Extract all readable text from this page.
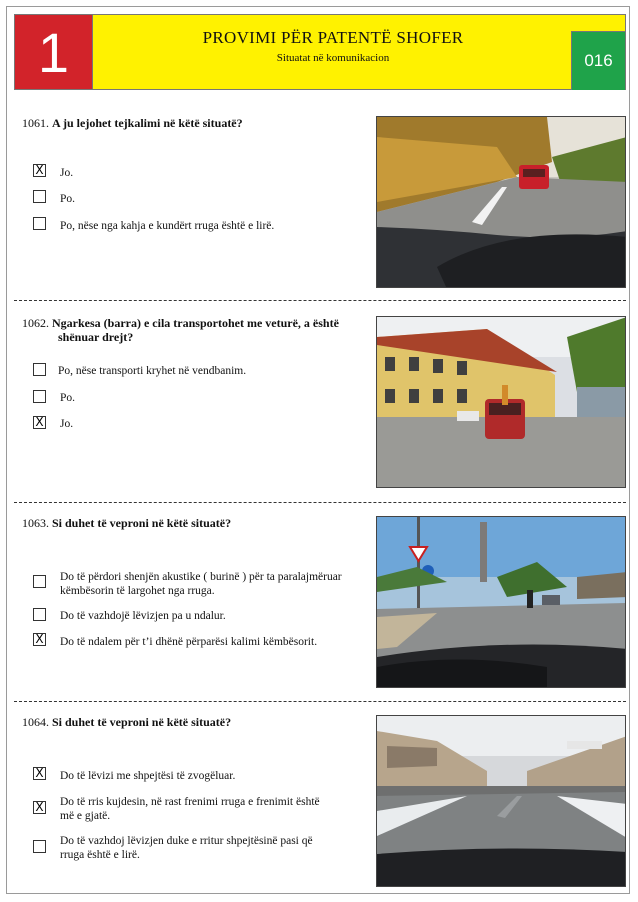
1	PROVIMI PËR PATENTË SHOFER
Situatat në komunikacion	016
1061. A ju lejohet tejkalimi në këtë situatë?
X Jo.
Po.
Po, nëse nga kahja e kundërt rruga është e lirë.
1062. Ngarkesa (barra) e cila transportohet me veturë, a është
shënuar drejt?
Po, nëse transporti kryhet në vendbanim.
Po.
X Jo.
1063. Si duhet të veproni në këtë situatë?
Do të përdori shenjën akustike ( burinë ) për ta paralajmëruar
këmbësorin të largohet nga rruga.
Do të vazhdojë lëvizjen pa u ndalur.
X Do të ndalem për t’i dhënë përparësi kalimi këmbësorit.
1064. Si duhet të veproni në këtë situatë?
X Do të lëvizi me shpejtësi të zvogëluar.
X Do të rris kujdesin, në rast frenimi rruga e frenimit është
më e gjatë.
Do të vazhdoj lëvizjen duke e rritur shpejtësinë pasi që
rruga është e lirë.
